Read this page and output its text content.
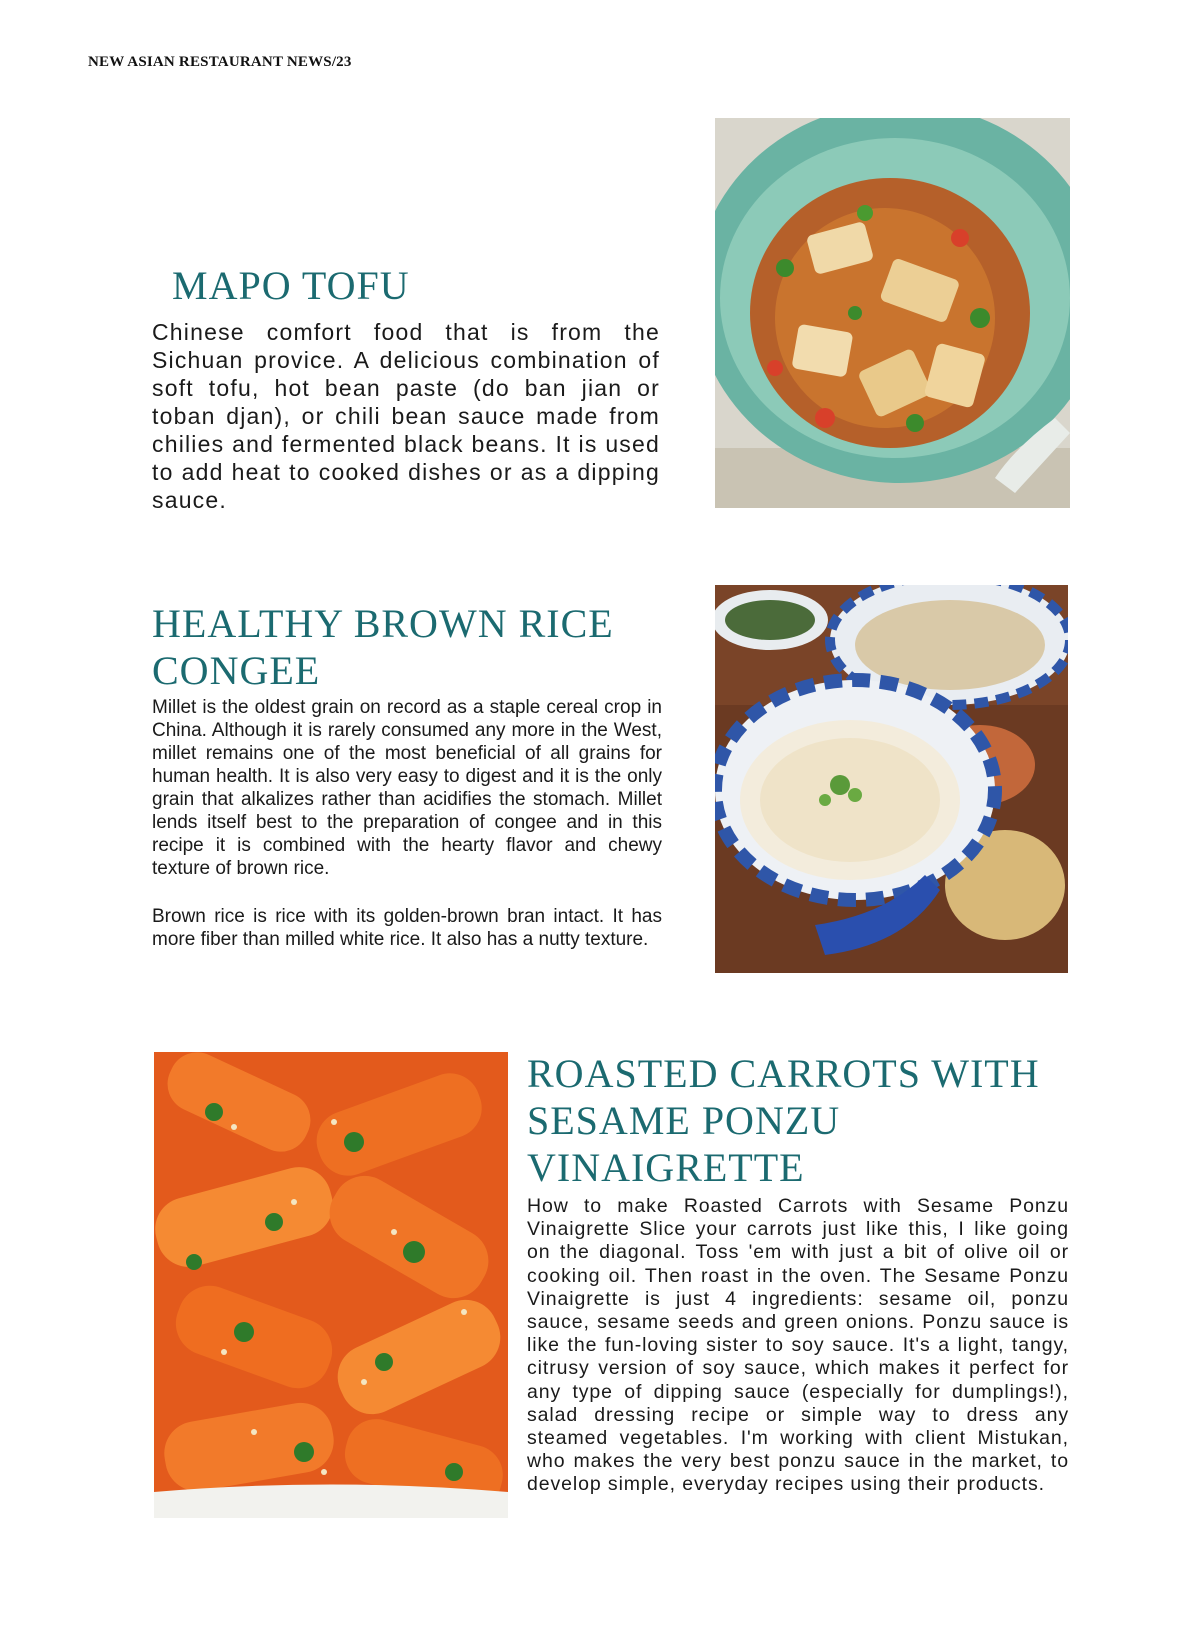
NEW ASIAN RESTAURANT NEWS/23
MAPO TOFU

Chinese comfort food that is from the Sichuan provice. A delicious combination of soft tofu, hot bean paste (do ban jian or toban djan), or chili bean sauce made from chilies and fermented black beans. It is used to add heat to cooked dishes or as a dipping sauce.

HEALTHY BROWN RICE CONGEE

Millet is the oldest grain on record as a staple cereal crop in China. Although it is rarely consumed any more in the West, millet remains one of the most beneficial of all grains for human health. It is also very easy to digest and it is the only grain that alkalizes rather than acidifies the stomach. Millet lends itself best to the preparation of congee and in this recipe it is combined with the hearty flavor and chewy texture of brown rice.

Brown rice is rice with its golden-brown bran intact. It has more fiber than milled white rice. It also has a nutty texture.

ROASTED CARROTS WITH SESAME PONZU VINAIGRETTE

How to make Roasted Carrots with Sesame Ponzu Vinaigrette Slice your carrots just like this, I like going on the diagonal. Toss 'em with just a bit of olive oil or cooking oil. Then roast in the oven. The Sesame Ponzu Vinaigrette is just 4 ingredients: sesame oil, ponzu sauce, sesame seeds and green onions. Ponzu sauce is like the fun-loving sister to soy sauce. It's a light, tangy, citrusy version of soy sauce, which makes it perfect for any type of dipping sauce (especially for dumplings!), salad dressing recipe or simple way to dress any steamed vegetables. I'm working with client Mistukan, who makes the very best ponzu sauce in the market, to develop simple, everyday recipes using their products.
